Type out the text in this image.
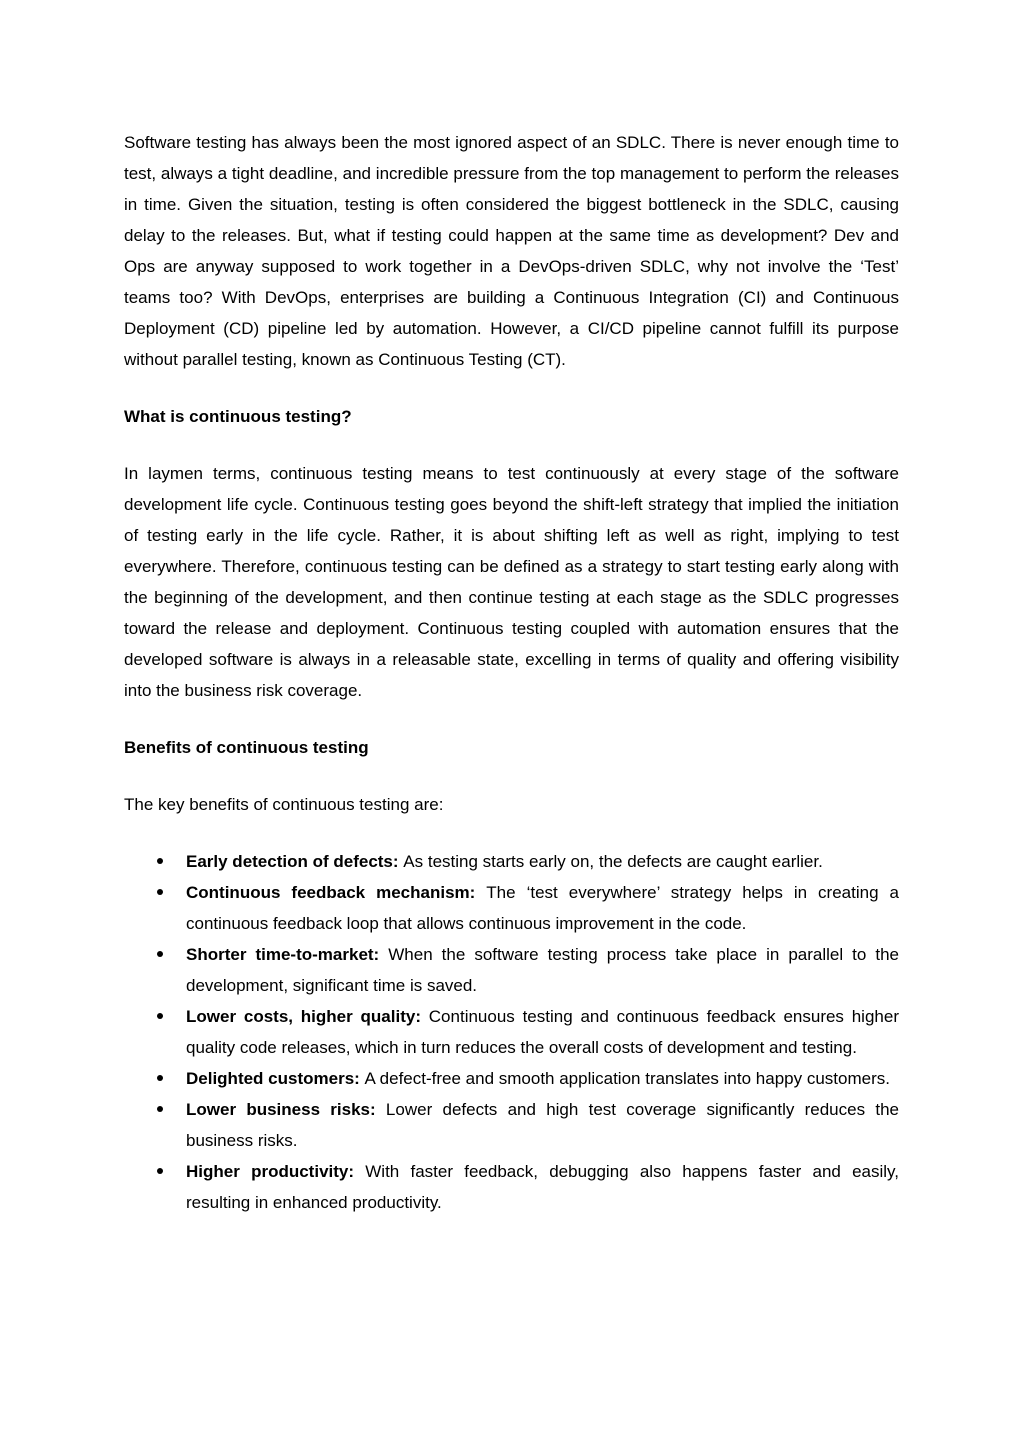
Software testing has always been the most ignored aspect of an SDLC. There is never enough time to test, always a tight deadline, and incredible pressure from the top management to perform the releases in time. Given the situation, testing is often considered the biggest bottleneck in the SDLC, causing delay to the releases. But, what if testing could happen at the same time as development? Dev and Ops are anyway supposed to work together in a DevOps-driven SDLC, why not involve the ‘Test’ teams too? With DevOps, enterprises are building a Continuous Integration (CI) and Continuous Deployment (CD) pipeline led by automation. However, a CI/CD pipeline cannot fulfill its purpose without parallel testing, known as Continuous Testing (CT).

What is continuous testing?

In laymen terms, continuous testing means to test continuously at every stage of the software development life cycle. Continuous testing goes beyond the shift-left strategy that implied the initiation of testing early in the life cycle. Rather, it is about shifting left as well as right, implying to test everywhere. Therefore, continuous testing can be defined as a strategy to start testing early along with the beginning of the development, and then continue testing at each stage as the SDLC progresses toward the release and deployment. Continuous testing coupled with automation ensures that the developed software is always in a releasable state, excelling in terms of quality and offering visibility into the business risk coverage.

Benefits of continuous testing

The key benefits of continuous testing are:

Early detection of defects: As testing starts early on, the defects are caught earlier.
Continuous feedback mechanism: The ‘test everywhere’ strategy helps in creating a continuous feedback loop that allows continuous improvement in the code.
Shorter time-to-market: When the software testing process take place in parallel to the development, significant time is saved.
Lower costs, higher quality: Continuous testing and continuous feedback ensures higher quality code releases, which in turn reduces the overall costs of development and testing.
Delighted customers: A defect-free and smooth application translates into happy customers.
Lower business risks: Lower defects and high test coverage significantly reduces the business risks.
Higher productivity: With faster feedback, debugging also happens faster and easily, resulting in enhanced productivity.
